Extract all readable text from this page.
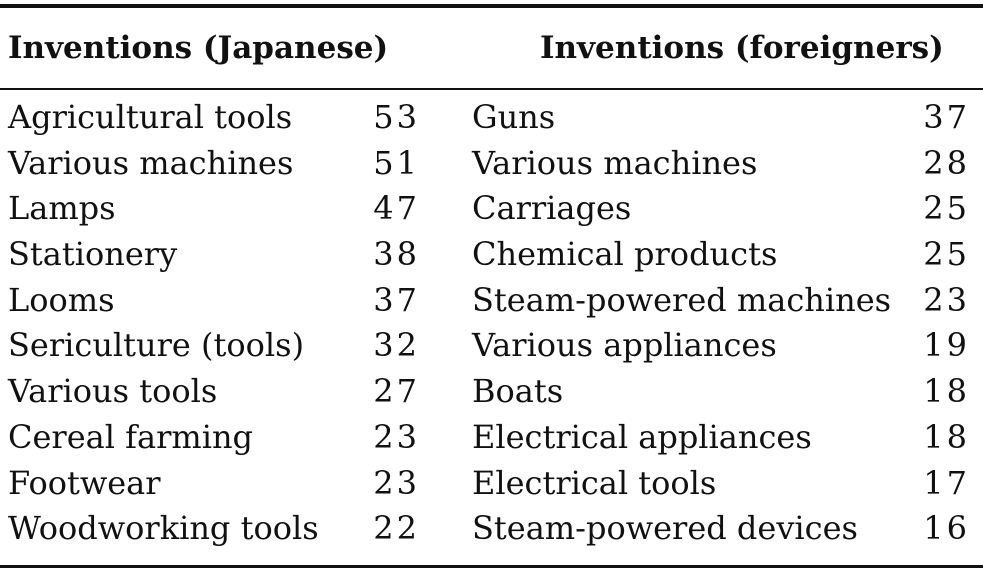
Inventions (Japanese)	Inventions (foreigners)
Agricultural tools	53 Guns	37
Various machines	51 Various machines	28
Lamps	47 Carriages	25
Stationery	38 Chemical products	25
Looms	37 Steam-powered machines	23
Sericulture (tools)	32 Various appliances	19
Various tools	27 Boats	18
Cereal farming	23 Electrical appliances	18
Footwear	23 Electrical tools	17
Woodworking tools	22 Steam-powered devices	16
